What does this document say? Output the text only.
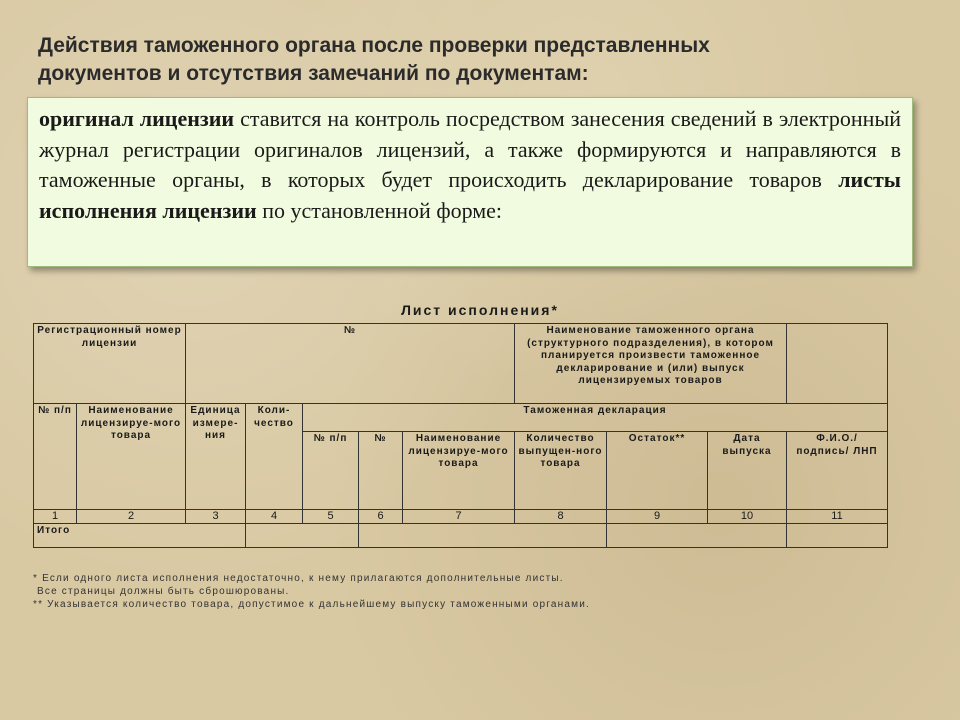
Действия таможенного органа после проверки представленных
документов и отсутствия замечаний по документам:
оригинал лицензии ставится на контроль посредством занесения сведений в электронный журнал регистрации оригиналов лицензий, а также формируются и направляются в таможенные органы, в которых будет происходить декларирование товаров листы исполнения лицензии по установленной форме:
Лист исполнения*
Регистрационный номер лицензии		№					Наименование таможенного органа (структурного подразделения), в котором планируется произвести таможенное декларирование и (или) выпуск лицензируемых товаров			
№ п/п	Наименование лицензируе-мого товара	Единица измере-ния	Коли-чество	Таможенная декларация						
				№ п/п	№	Наименование лицензируе-мого товара	Количество выпущен-ного товара	Остаток**	Дата выпуска	Ф.И.О./ подпись/ ЛНП
1	2	3	4	5	6	7	8	9	10	11
Итого										
* Если одного листа исполнения недостаточно, к нему прилагаются дополнительные листы.
Все страницы должны быть сброшюрованы.
** Указывается количество товара, допустимое к дальнейшему выпуску таможенными органами.
